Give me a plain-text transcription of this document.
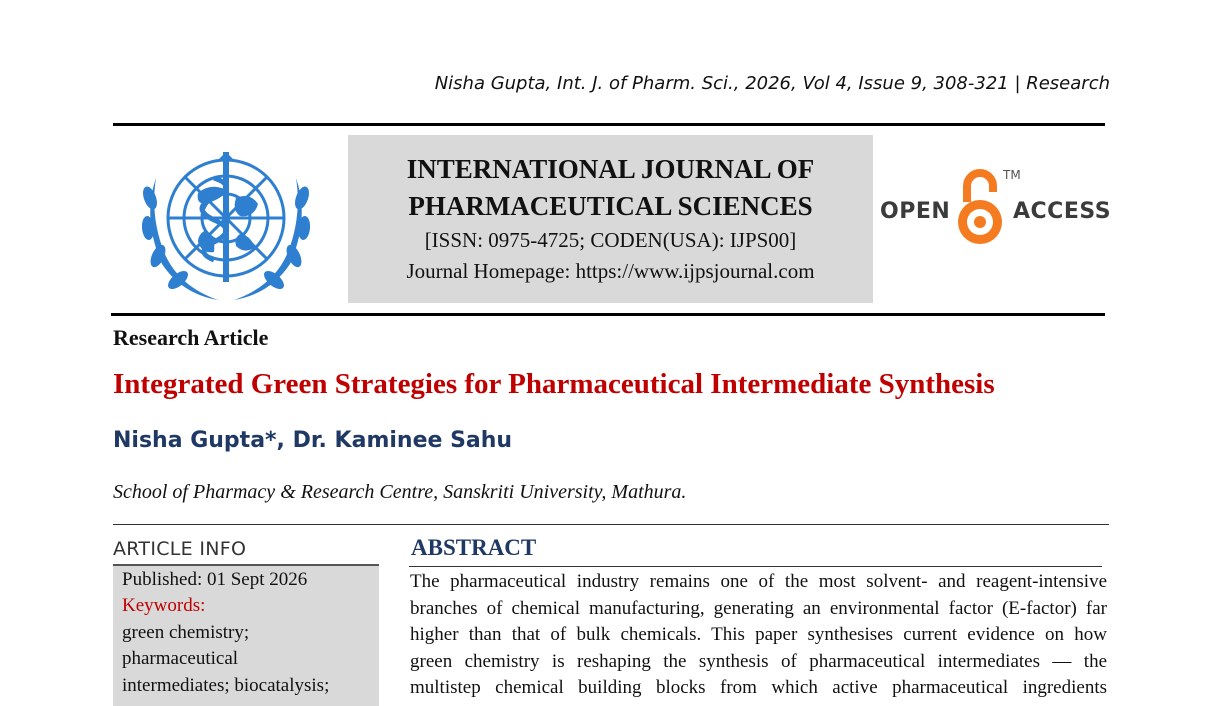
Nisha Gupta, Int. J. of Pharm. Sci., 2026, Vol 4, Issue 9, 308-321 | Research
INTERNATIONAL JOURNAL OF
PHARMACEUTICAL SCIENCES
[ISSN: 0975-4725; CODEN(USA): IJPS00]
Journal Homepage: https://www.ijpsjournal.com
OPEN
TM
ACCESS
Research Article
Integrated Green Strategies for Pharmaceutical Intermediate Synthesis
Nisha Gupta*, Dr. Kaminee Sahu
School of Pharmacy & Research Centre, Sanskriti University, Mathura.
ARTICLE INFO
Published: 01 Sept 2026
Keywords:
green chemistry;
pharmaceutical
intermediates; biocatalysis;
ABSTRACT
The pharmaceutical industry remains one of the most solvent- and reagent-intensive
branches of chemical manufacturing, generating an environmental factor (E-factor) far
higher than that of bulk chemicals. This paper synthesises current evidence on how
green chemistry is reshaping the synthesis of pharmaceutical intermediates — the
multistep chemical building blocks from which active pharmaceutical ingredients
